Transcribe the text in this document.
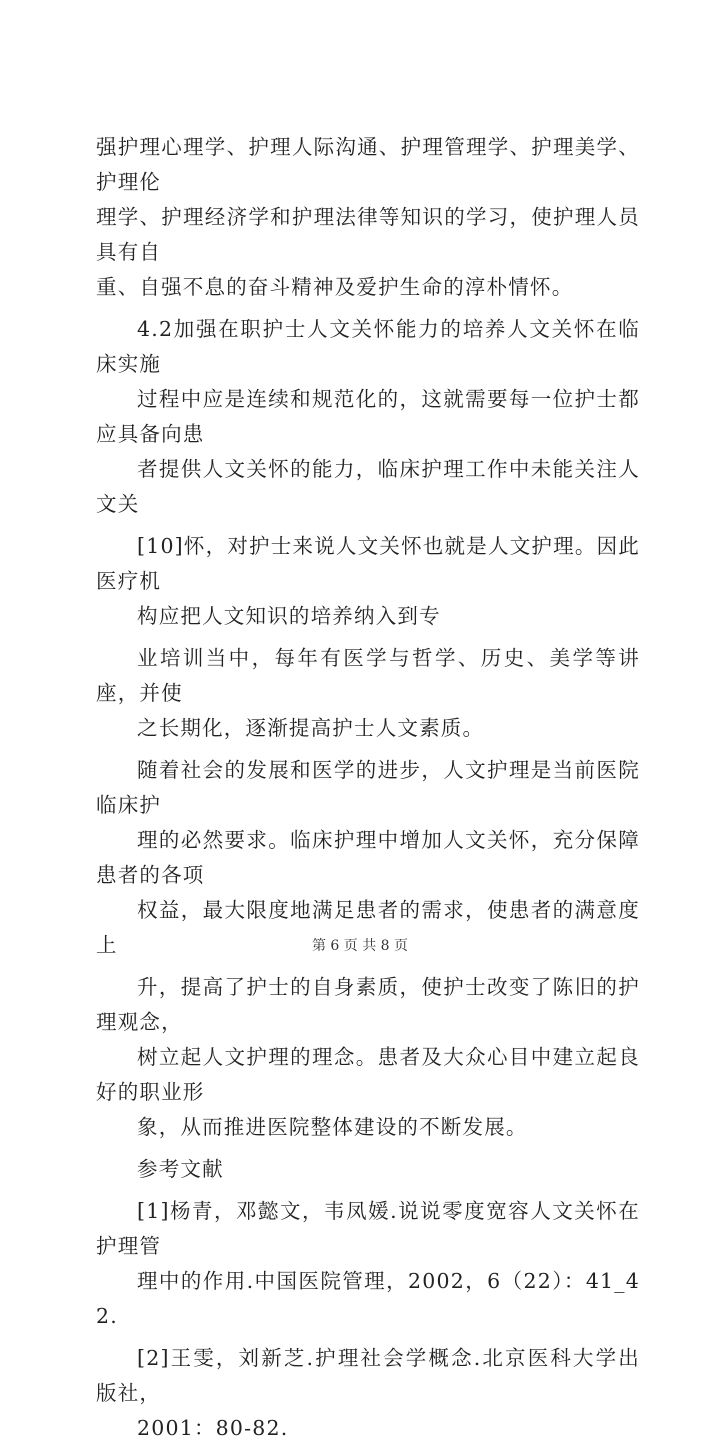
强护理心理学、护理人际沟通、护理管理学、护理美学、护理伦
理学、护理经济学和护理法律等知识的学习，使护理人员具有自
重、自强不息的奋斗精神及爱护生命的淳朴情怀。

4.2加强在职护士人文关怀能力的培养人文关怀在临床实施
过程中应是连续和规范化的，这就需要每一位护士都应具备向患
者提供人文关怀的能力，临床护理工作中未能关注人文关

[10]怀，对护士来说人文关怀也就是人文护理。因此医疗机
构应把人文知识的培养纳入到专

业培训当中，每年有医学与哲学、历史、美学等讲座，并使
之长期化，逐渐提高护士人文素质。

随着社会的发展和医学的进步，人文护理是当前医院临床护
理的必然要求。临床护理中增加人文关怀，充分保障患者的各项
权益，最大限度地满足患者的需求，使患者的满意度上

升，提高了护士的自身素质，使护士改变了陈旧的护理观念，
树立起人文护理的理念。患者及大众心目中建立起良好的职业形
象，从而推进医院整体建设的不断发展。

参考文献

[1]杨青，邓懿文，韦凤媛.说说零度宽容人文关怀在护理管
理中的作用.中国医院管理，2002，6（22）：41_42.

[2]王雯，刘新芝.护理社会学概念.北京医科大学出版社，
2001：80-82.

第 6 页 共 8 页
